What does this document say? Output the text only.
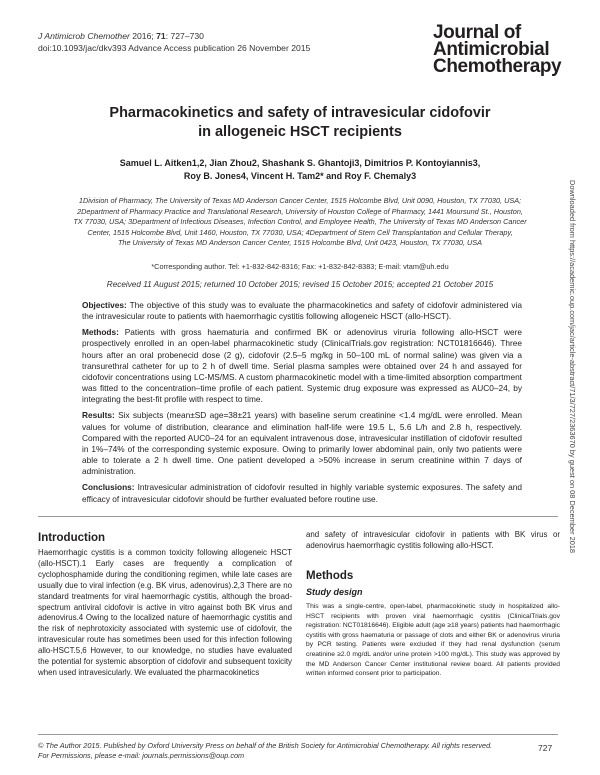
J Antimicrob Chemother 2016; 71: 727–730
doi:10.1093/jac/dkv393 Advance Access publication 26 November 2015
Journal of
Antimicrobial
Chemotherapy
Downloaded from https://academic.oup.com/jac/article-abstract/71/3/727/2363670 by guest on 08 December 2018
Pharmacokinetics and safety of intravesicular cidofovir
in allogeneic HSCT recipients
Samuel L. Aitken1,2, Jian Zhou2, Shashank S. Ghantoji3, Dimitrios P. Kontoyiannis3,
Roy B. Jones4, Vincent H. Tam2* and Roy F. Chemaly3
1Division of Pharmacy, The University of Texas MD Anderson Cancer Center, 1515 Holcombe Blvd, Unit 0090, Houston, TX 77030, USA;
2Department of Pharmacy Practice and Translational Research, University of Houston College of Pharmacy, 1441 Moursund St., Houston,
TX 77030, USA; 3Department of Infectious Diseases, Infection Control, and Employee Health, The University of Texas MD Anderson Cancer
Center, 1515 Holcombe Blvd, Unit 1460, Houston, TX 77030, USA; 4Department of Stem Cell Transplantation and Cellular Therapy,
The University of Texas MD Anderson Cancer Center, 1515 Holcombe Blvd, Unit 0423, Houston, TX 77030, USA
*Corresponding author. Tel: +1-832-842-8316; Fax: +1-832-842-8383; E-mail: vtam@uh.edu
Received 11 August 2015; returned 10 October 2015; revised 15 October 2015; accepted 21 October 2015

Objectives: The objective of this study was to evaluate the pharmacokinetics and safety of cidofovir administered via the intravesicular route to patients with haemorrhagic cystitis following allogeneic HSCT (allo-HSCT).

Methods: Patients with gross haematuria and confirmed BK or adenovirus viruria following allo-HSCT were prospectively enrolled in an open-label pharmacokinetic study (ClinicalTrials.gov registration: NCT01816646). Three hours after an oral probenecid dose (2 g), cidofovir (2.5–5 mg/kg in 50–100 mL of normal saline) was given via a transurethral catheter for up to 2 h of dwell time. Serial plasma samples were obtained over 24 h and assayed for cidofovir concentrations using LC-MS/MS. A custom pharmacokinetic model with a time-limited absorption compartment was fitted to the concentration–time profile of each patient. Systemic drug exposure was expressed as AUC0–24, by integrating the best-fit profile with respect to time.

Results: Six subjects (mean±SD age=38±21 years) with baseline serum creatinine <1.4 mg/dL were enrolled. Mean values for volume of distribution, clearance and elimination half-life were 19.5 L, 5.6 L/h and 2.8 h, respectively. Compared with the reported AUC0–24 for an equivalent intravenous dose, intravesicular instillation of cidofovir resulted in 1%–74% of the corresponding systemic exposure. Owing to primarily lower abdominal pain, only two patients were able to tolerate a 2 h dwell time. One patient developed a >50% increase in serum creatinine within 7 days of administration.

Conclusions: Intravesicular administration of cidofovir resulted in highly variable systemic exposures. The safety and efficacy of intravesicular cidofovir should be further evaluated before routine use.

Introduction
Haemorrhagic cystitis is a common toxicity following allogeneic HSCT (allo-HSCT).1 Early cases are frequently a complication of cyclophosphamide during the conditioning regimen, while late cases are usually due to viral infection (e.g. BK virus, adenovirus).2,3 There are no standard treatments for viral haemorrhagic cystitis, although the broad-spectrum antiviral cidofovir is active in vitro against both BK virus and adenovirus.4 Owing to the localized nature of haemorrhagic cystitis and the risk of nephrotoxicity associated with systemic use of cidofovir, the intravesicular route has sometimes been used for this infection following allo-HSCT.5,6 However, to our knowledge, no studies have evaluated the potential for systemic absorption of cidofovir and subsequent toxicity when used intravesicularly. We evaluated the pharmacokinetics
and safety of intravesicular cidofovir in patients with BK virus or adenovirus haemorrhagic cystitis following allo-HSCT.
Methods
Study design
This was a single-centre, open-label, pharmacokinetic study in hospitalized allo-HSCT recipients with proven viral haemorrhagic cystitis (ClinicalTrials.gov registration: NCT01816646). Eligible adult (age ≥18 years) patients had haemorrhagic cystitis with gross haematuria or passage of clots and either BK or adenovirus viruria by PCR testing. Patients were excluded if they had renal dysfunction (serum creatinine ≥2.0 mg/dL and/or urine protein >100 mg/dL). This study was approved by the MD Anderson Cancer Center institutional review board. All patients provided written informed consent prior to participation.
© The Author 2015. Published by Oxford University Press on behalf of the British Society for Antimicrobial Chemotherapy. All rights reserved.
For Permissions, please e-mail: journals.permissions@oup.com
727
